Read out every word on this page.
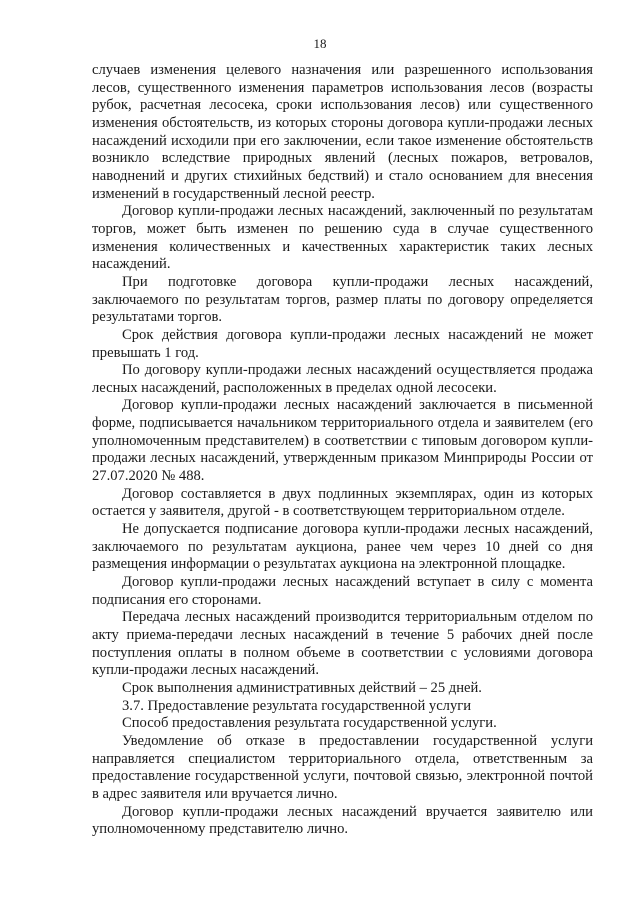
18

случаев изменения целевого назначения или разрешенного использования лесов, существенного изменения параметров использования лесов (возрасты рубок, расчетная лесосека, сроки использования лесов) или существенного изменения обстоятельств, из которых стороны договора купли-продажи лесных насаждений исходили при его заключении, если такое изменение обстоятельств возникло вследствие природных явлений (лесных пожаров, ветровалов, наводнений и других стихийных бедствий) и стало основанием для внесения изменений в государственный лесной реестр.

Договор купли-продажи лесных насаждений, заключенный по результатам торгов, может быть изменен по решению суда в случае существенного изменения количественных и качественных характеристик таких лесных насаждений.

При подготовке договора купли-продажи лесных насаждений, заключаемого по результатам торгов, размер платы по договору определяется результатами торгов.

Срок действия договора купли-продажи лесных насаждений не может превышать 1 год.

По договору купли-продажи лесных насаждений осуществляется продажа лесных насаждений, расположенных в пределах одной лесосеки.

Договор купли-продажи лесных насаждений заключается в письменной форме, подписывается начальником территориального отдела и заявителем (его уполномоченным представителем) в соответствии с типовым договором купли-продажи лесных насаждений, утвержденным приказом Минприроды России от 27.07.2020 № 488.

Договор составляется в двух подлинных экземплярах, один из которых остается у заявителя, другой - в соответствующем территориальном отделе.

Не допускается подписание договора купли-продажи лесных насаждений, заключаемого по результатам аукциона, ранее чем через 10 дней со дня размещения информации о результатах аукциона на электронной площадке.

Договор купли-продажи лесных насаждений вступает в силу с момента подписания его сторонами.

Передача лесных насаждений производится территориальным отделом по акту приема-передачи лесных насаждений в течение 5 рабочих дней после поступления оплаты в полном объеме в соответствии с условиями договора купли-продажи лесных насаждений.

Срок выполнения административных действий – 25 дней.

3.7. Предоставление результата государственной услуги

Способ предоставления результата государственной услуги.

Уведомление об отказе в предоставлении государственной услуги направляется специалистом территориального отдела, ответственным за предоставление государственной услуги, почтовой связью, электронной почтой в адрес заявителя или вручается лично.

Договор купли-продажи лесных насаждений вручается заявителю или уполномоченному представителю лично.
